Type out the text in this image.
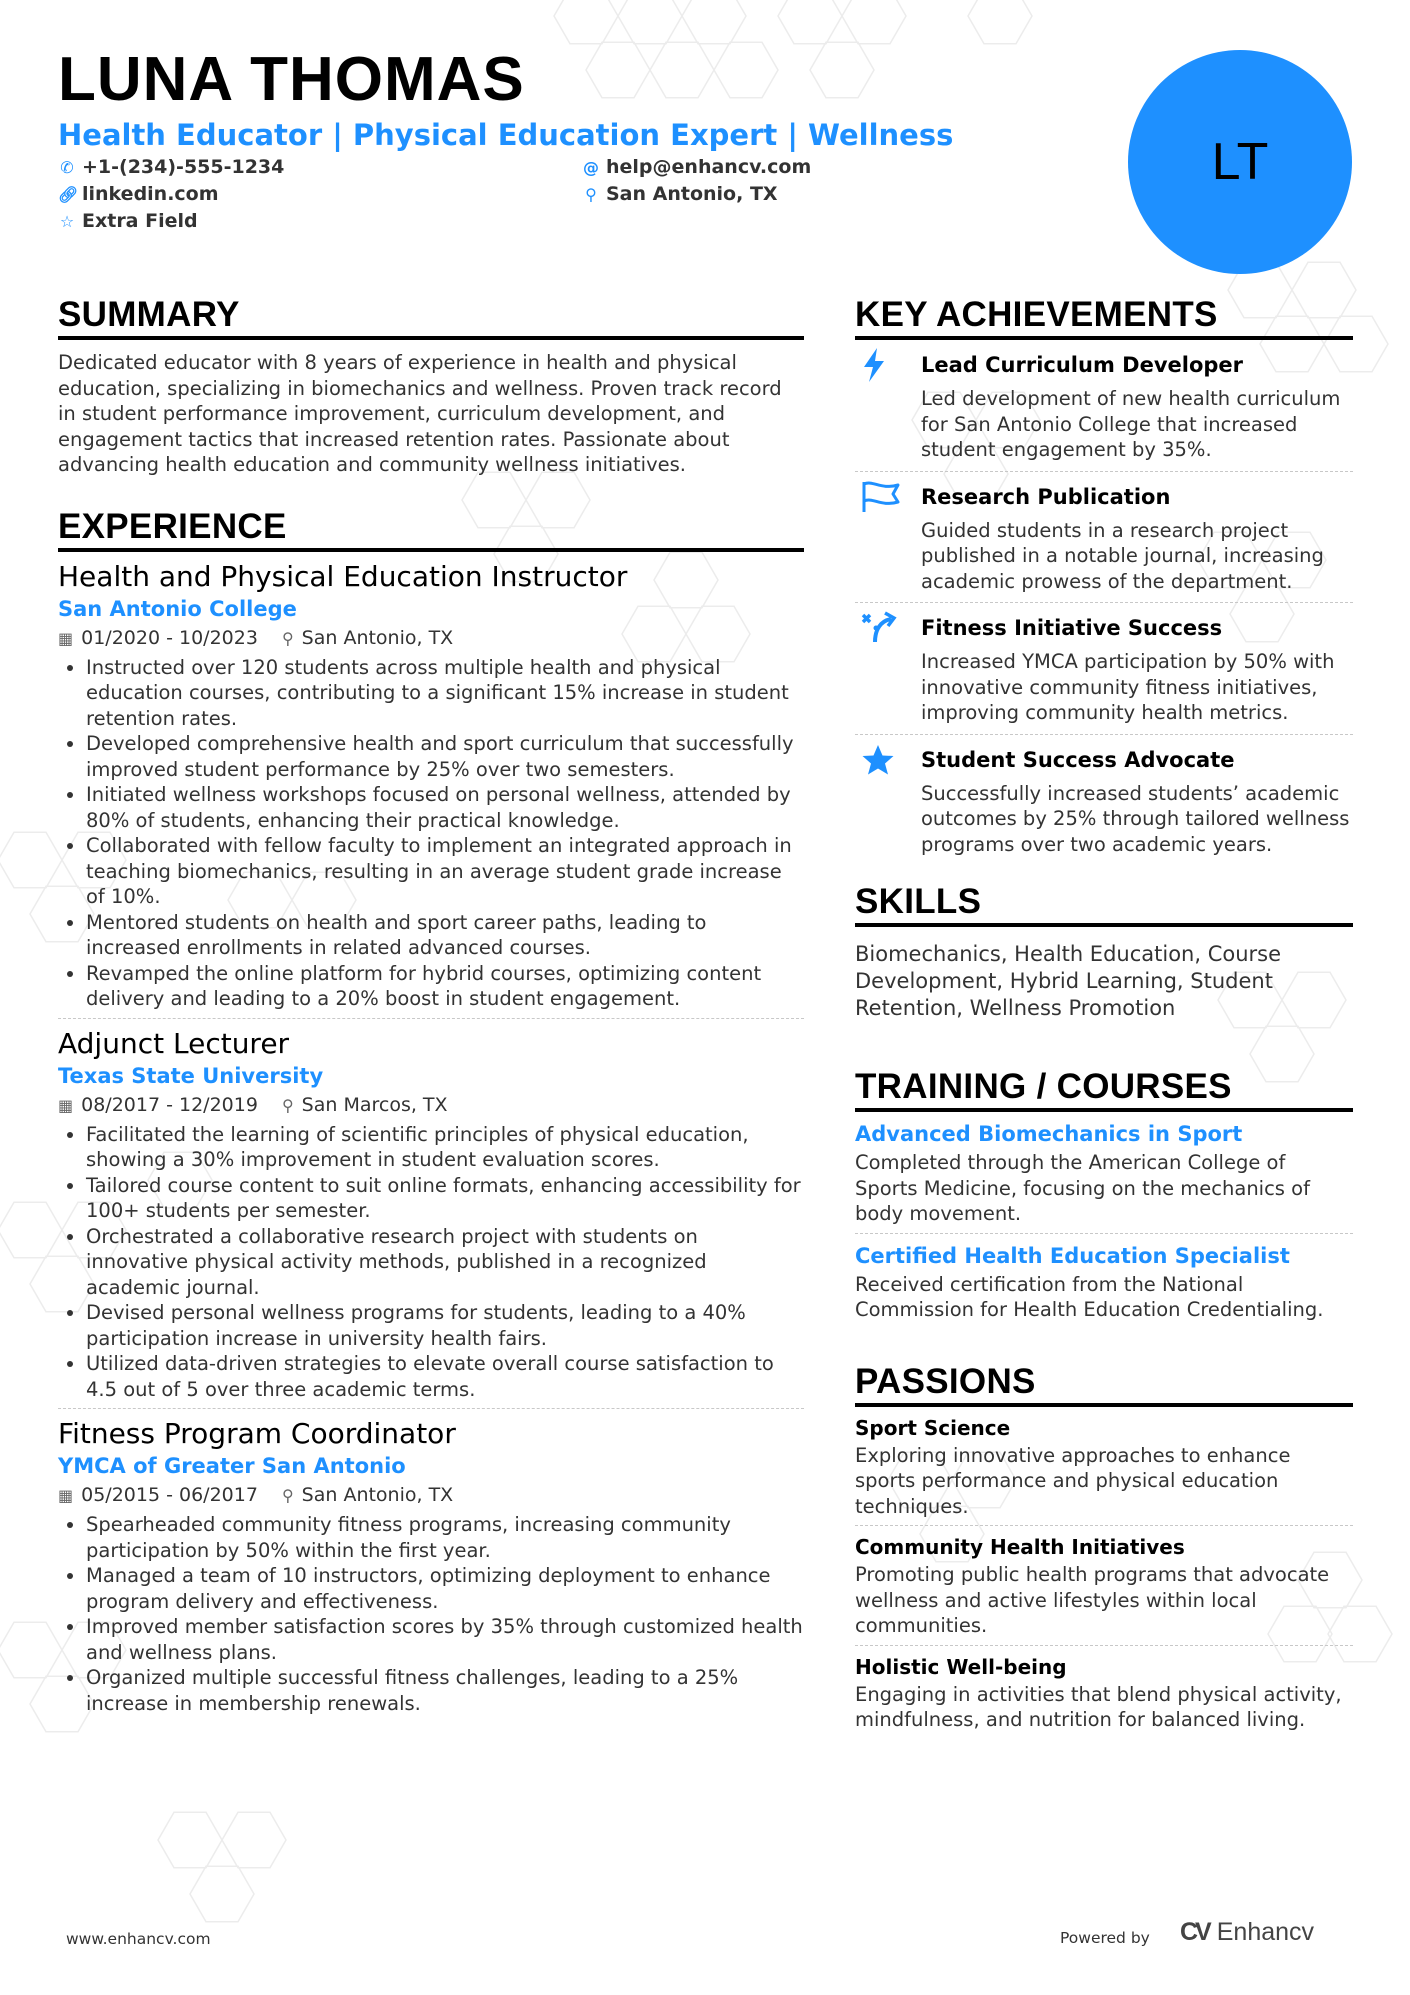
LUNA THOMAS
Health Educator | Physical Education Expert | Wellness
✆ +1-(234)-555-1234	@ help@enhancv.com
🔗︎ linkedin.com	⚲ San Antonio, TX
☆ Extra Field
LT
SUMMARY
Dedicated educator with 8 years of experience in health and physical education, specializing in biomechanics and wellness. Proven track record in student performance improvement, curriculum development, and engagement tactics that increased retention rates. Passionate about advancing health education and community wellness initiatives.
EXPERIENCE
Health and Physical Education Instructor
San Antonio College
▦ 01/2020 - 10/2023 ⚲ San Antonio, TX
• Instructed over 120 students across multiple health and physical education courses, contributing to a significant 15% increase in student retention rates.
• Developed comprehensive health and sport curriculum that successfully improved student performance by 25% over two semesters.
• Initiated wellness workshops focused on personal wellness, attended by 80% of students, enhancing their practical knowledge.
• Collaborated with fellow faculty to implement an integrated approach in teaching biomechanics, resulting in an average student grade increase of 10%.
• Mentored students on health and sport career paths, leading to increased enrollments in related advanced courses.
• Revamped the online platform for hybrid courses, optimizing content delivery and leading to a 20% boost in student engagement.
Adjunct Lecturer
Texas State University
▦ 08/2017 - 12/2019 ⚲ San Marcos, TX
• Facilitated the learning of scientific principles of physical education, showing a 30% improvement in student evaluation scores.
• Tailored course content to suit online formats, enhancing accessibility for 100+ students per semester.
• Orchestrated a collaborative research project with students on innovative physical activity methods, published in a recognized academic journal.
• Devised personal wellness programs for students, leading to a 40% participation increase in university health fairs.
• Utilized data-driven strategies to elevate overall course satisfaction to 4.5 out of 5 over three academic terms.
Fitness Program Coordinator
YMCA of Greater San Antonio
▦ 05/2015 - 06/2017 ⚲ San Antonio, TX
• Spearheaded community fitness programs, increasing community participation by 50% within the first year.
• Managed a team of 10 instructors, optimizing deployment to enhance program delivery and effectiveness.
• Improved member satisfaction scores by 35% through customized health and wellness plans.
• Organized multiple successful fitness challenges, leading to a 25% increase in membership renewals.
KEY ACHIEVEMENTS
Lead Curriculum Developer
Led development of new health curriculum for San Antonio College that increased student engagement by 35%.
Research Publication
Guided students in a research project published in a notable journal, increasing academic prowess of the department.
Fitness Initiative Success
Increased YMCA participation by 50% with innovative community fitness initiatives, improving community health metrics.
Student Success Advocate
Successfully increased students’ academic outcomes by 25% through tailored wellness programs over two academic years.
SKILLS
Biomechanics, Health Education, Course Development, Hybrid Learning, Student Retention, Wellness Promotion
TRAINING / COURSES
Advanced Biomechanics in Sport
Completed through the American College of Sports Medicine, focusing on the mechanics of body movement.
Certified Health Education Specialist
Received certification from the National Commission for Health Education Credentialing.
PASSIONS
Sport Science
Exploring innovative approaches to enhance sports performance and physical education techniques.
Community Health Initiatives
Promoting public health programs that advocate wellness and active lifestyles within local communities.
Holistic Well-being
Engaging in activities that blend physical activity, mindfulness, and nutrition for balanced living.
www.enhancv.com	Powered by CV Enhancv
